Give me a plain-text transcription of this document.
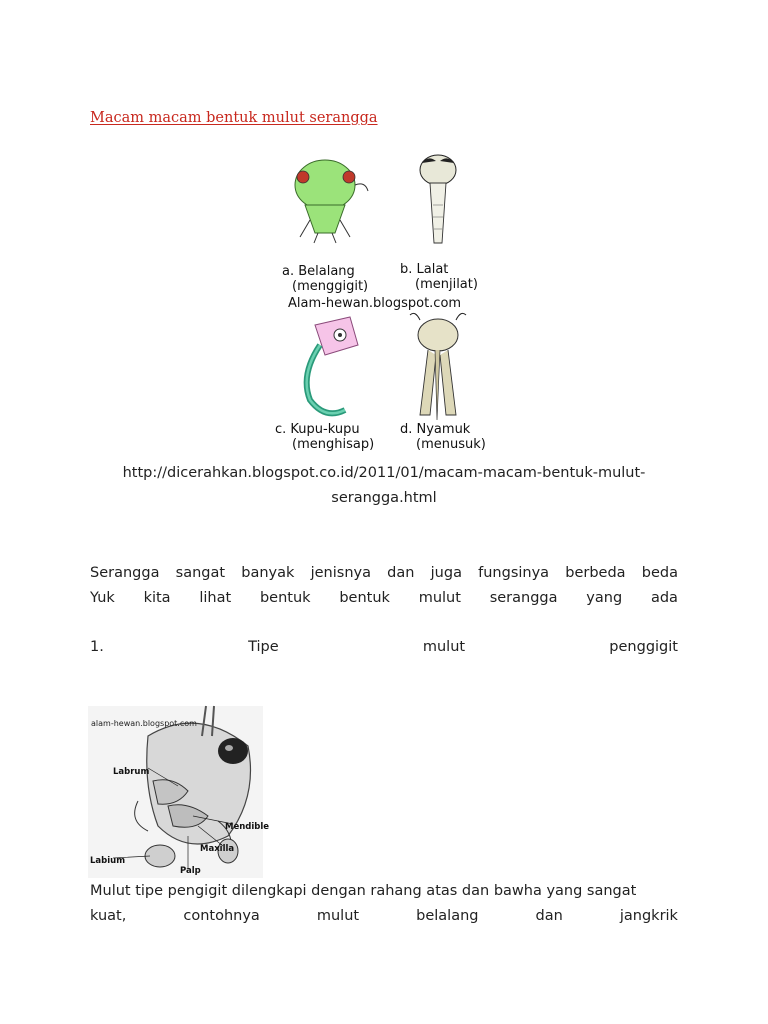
Macam macam bentuk mulut serangga
a. Belalang
(menggigit)
b. Lalat
(menjilat)
Alam-hewan.blogspot.com
c. Kupu-kupu
(menghisap)
d. Nyamuk
(menusuk)
http://dicerahkan.blogspot.co.id/2011/01/macam-macam-bentuk-mulut-
serangga.html
Serangga sangat banyak jenisnya dan juga fungsinya berbeda beda
Yuk kita lihat bentuk bentuk mulut serangga yang ada
1.	Tipe	mulut	penggigit
alam-hewan.blogspot.com
Labrum
Mendible
Maxilla
Labium
Palp
Mulut tipe pengigit dilengkapi dengan rahang atas dan bawha yang sangat
kuat,	contohnya	mulut	belalang	dan	jangkrik
